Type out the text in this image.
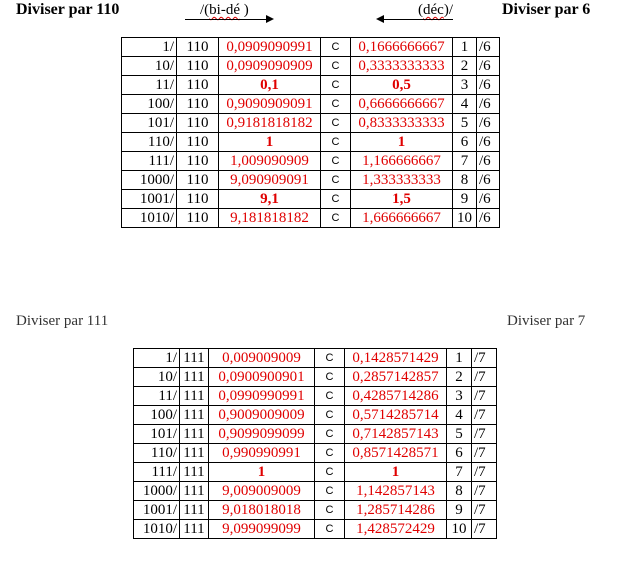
Diviser par 110	Diviser par 6
/(bi-dé )	(déc)/
1/	110	0,0909090991	C	0,1666666667	1	/6
10/	110	0,0909090909	C	0,3333333333	2	/6
11/	110	0,1	C	0,5	3	/6
100/	110	0,9090909091	C	0,6666666667	4	/6
101/	110	0,9181818182	C	0,8333333333	5	/6
110/	110	1	C	1	6	/6
111/	110	1,009090909	C	1,166666667	7	/6
1000/	110	9,090909091	C	1,333333333	8	/6
1001/	110	9,1	C	1,5	9	/6
1010/	110	9,181818182	C	1,666666667	10	/6
Diviser par 111	Diviser par 7
1/	111	0,009009009	C	0,1428571429	1	/7
10/	111	0,0900900901	C	0,2857142857	2	/7
11/	111	0,0990990991	C	0,4285714286	3	/7
100/	111	0,9009009009	C	0,5714285714	4	/7
101/	111	0,9099099099	C	0,7142857143	5	/7
110/	111	0,990990991	C	0,8571428571	6	/7
111/	111	1	C	1	7	/7
1000/	111	9,009009009	C	1,142857143	8	/7
1001/	111	9,018018018	C	1,285714286	9	/7
1010/	111	9,099099099	C	1,428572429	10	/7
